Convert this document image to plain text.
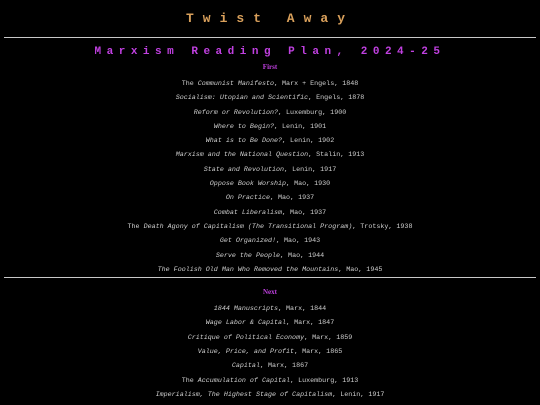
Twist Away
Marxism Reading Plan, 2024-25
First
The Communist Manifesto, Marx + Engels, 1848
Socialism: Utopian and Scientific, Engels, 1878
Reform or Revolution?, Luxemburg, 1900
Where to Begin?, Lenin, 1901
What is to Be Done?, Lenin, 1902
Marxism and the National Question, Stalin, 1913
State and Revolution, Lenin, 1917
Oppose Book Worship, Mao, 1930
On Practice, Mao, 1937
Combat Liberalism, Mao, 1937
The Death Agony of Capitalism (The Transitional Program), Trotsky, 1938
Get Organized!, Mao, 1943
Serve the People, Mao, 1944
The Foolish Old Man Who Removed the Mountains, Mao, 1945
Next
1844 Manuscripts, Marx, 1844
Wage Labor & Capital, Marx, 1847
Critique of Political Economy, Marx, 1859
Value, Price, and Profit, Marx, 1865
Capital, Marx, 1867
The Accumulation of Capital, Luxemburg, 1913
Imperialism, The Highest Stage of Capitalism, Lenin, 1917
